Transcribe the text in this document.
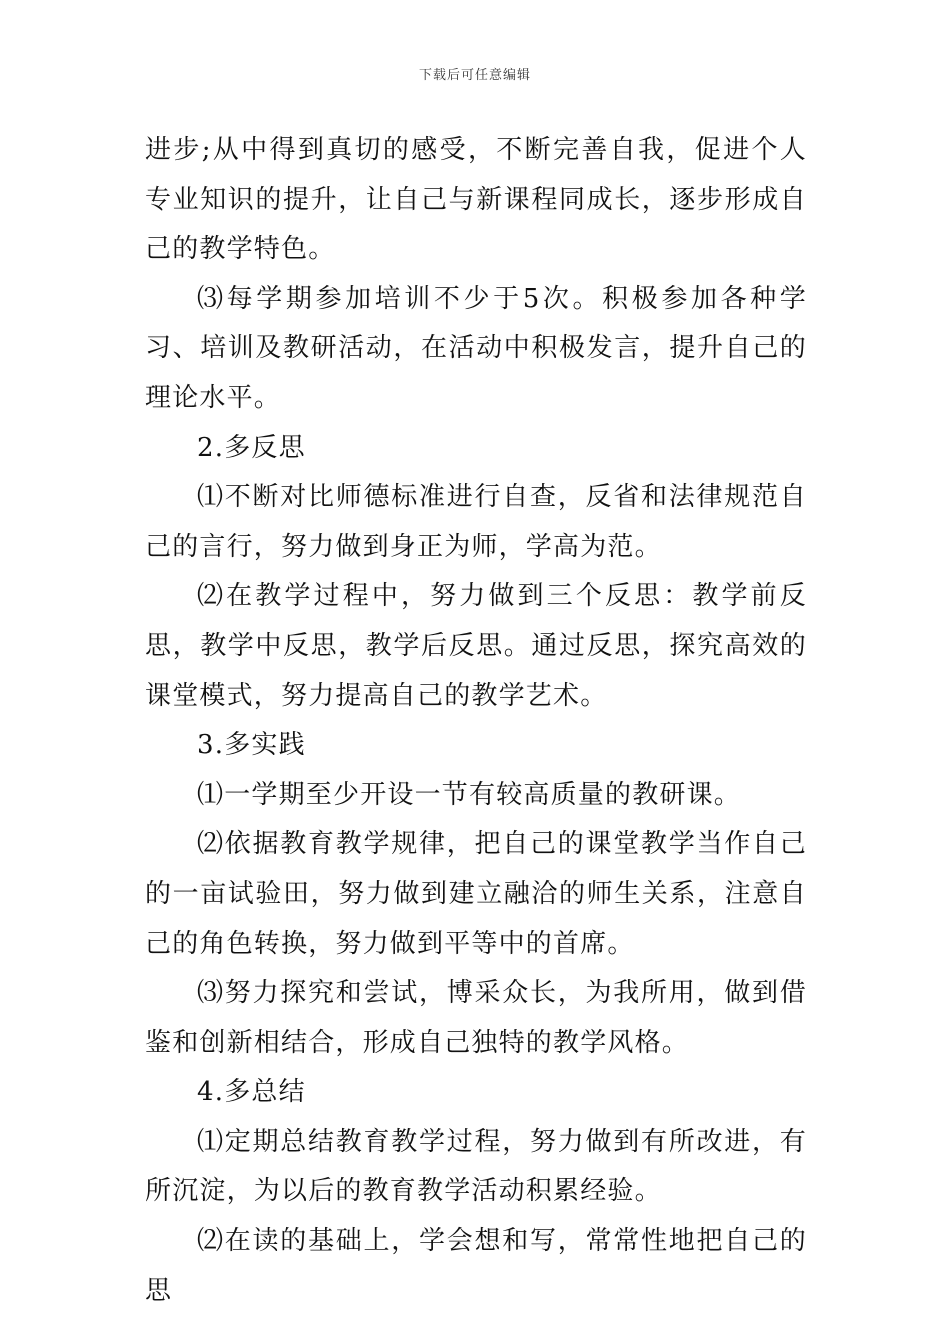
下载后可任意编辑

进步;从中得到真切的感受，不断完善自我，促进个人专业知识的提升，让自己与新课程同成长，逐步形成自己的教学特色。

⑶每学期参加培训不少于5次。积极参加各种学习、培训及教研活动，在活动中积极发言，提升自己的理论水平。

2.多反思

⑴不断对比师德标准进行自查，反省和法律规范自己的言行，努力做到身正为师，学高为范。

⑵在教学过程中，努力做到三个反思：教学前反思，教学中反思，教学后反思。通过反思，探究高效的课堂模式，努力提高自己的教学艺术。

3.多实践

⑴一学期至少开设一节有较高质量的教研课。

⑵依据教育教学规律，把自己的课堂教学当作自己的一亩试验田，努力做到建立融洽的师生关系，注意自己的角色转换，努力做到平等中的首席。

⑶努力探究和尝试，博采众长，为我所用，做到借鉴和创新相结合，形成自己独特的教学风格。

4.多总结

⑴定期总结教育教学过程，努力做到有所改进，有所沉淀，为以后的教育教学活动积累经验。

⑵在读的基础上，学会想和写，常常性地把自己的思
